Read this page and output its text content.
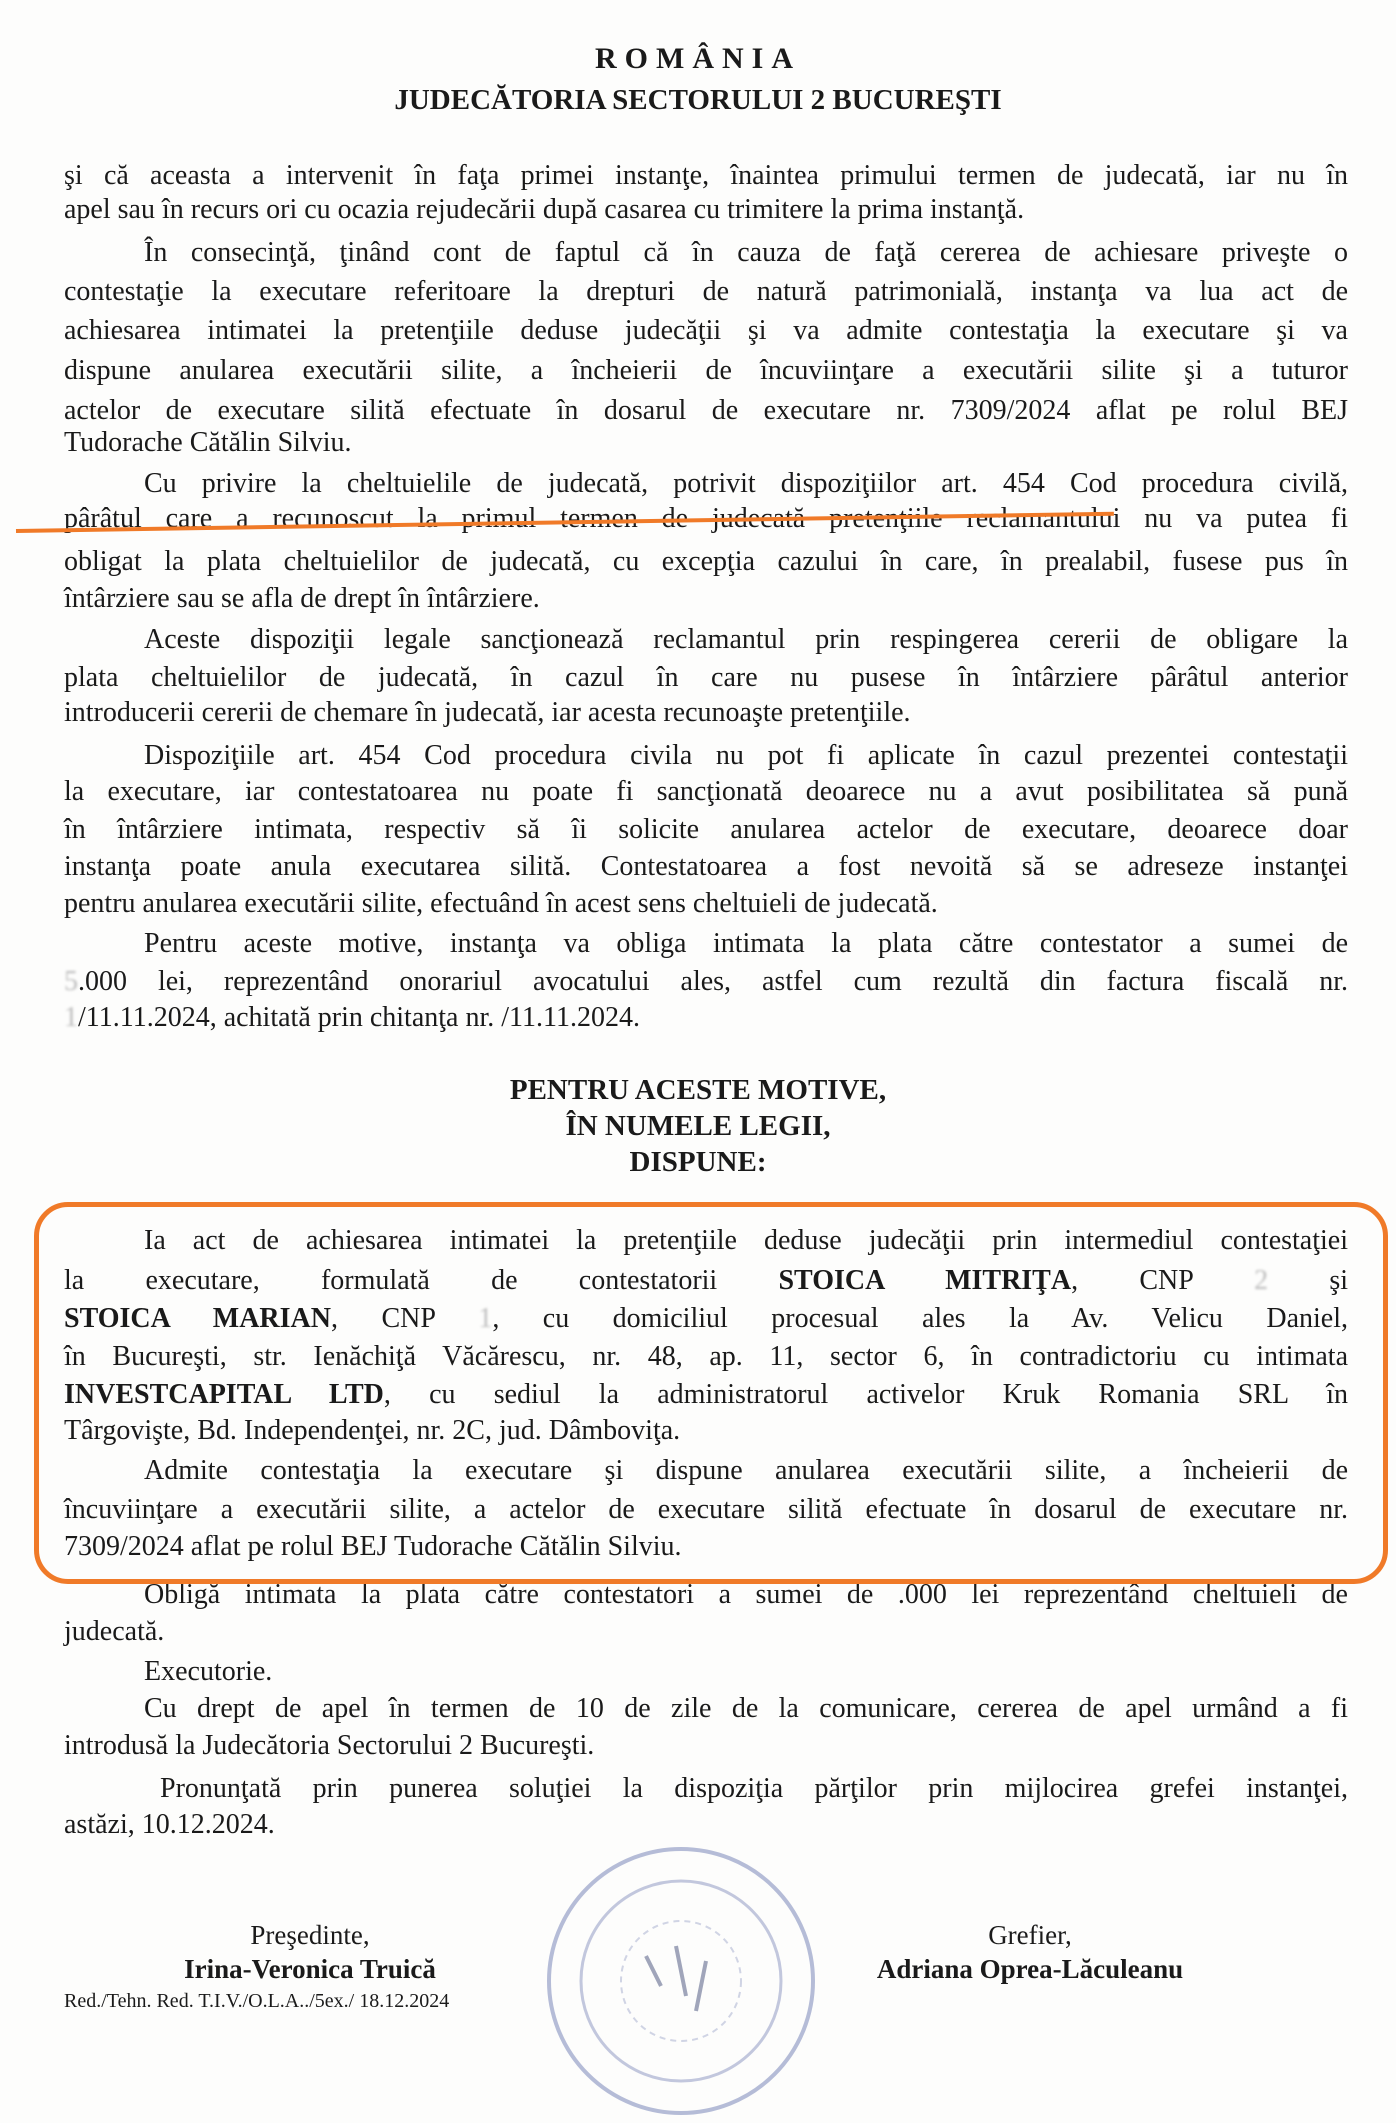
ROMÂNIA
JUDECĂTORIA SECTORULUI 2 BUCUREŞTI
şi că aceasta a intervenit în faţa primei instanţe, înaintea primului termen de judecată, iar nu în
apel sau în recurs ori cu ocazia rejudecării după casarea cu trimitere la prima instanţă.
În consecinţă, ţinând cont de faptul că în cauza de faţă cererea de achiesare priveşte o
contestaţie la executare referitoare la drepturi de natură patrimonială, instanţa va lua act de
achiesarea intimatei la pretenţiile deduse judecăţii şi va admite contestaţia la executare şi va
dispune anularea executării silite, a încheierii de încuviinţare a executării silite şi a tuturor
actelor de executare silită efectuate în dosarul de executare nr. 7309/2024 aflat pe rolul BEJ
Tudorache Cătălin Silviu.
Cu privire la cheltuielile de judecată, potrivit dispoziţiilor art. 454 Cod procedura civilă,
pârâtul care a recunoscut la primul termen de judecată pretenţiile reclamantului nu va putea fi
obligat la plata cheltuielilor de judecată, cu excepţia cazului în care, în prealabil, fusese pus în
întârziere sau se afla de drept în întârziere.
Aceste dispoziţii legale sancţionează reclamantul prin respingerea cererii de obligare la
plata cheltuielilor de judecată, în cazul în care nu pusese în întârziere pârâtul anterior
introducerii cererii de chemare în judecată, iar acesta recunoaşte pretenţiile.
Dispoziţiile art. 454 Cod procedura civila nu pot fi aplicate în cazul prezentei contestaţii
la executare, iar contestatoarea nu poate fi sancţionată deoarece nu a avut posibilitatea să pună
în întârziere intimata, respectiv să îi solicite anularea actelor de executare, deoarece doar
instanţa poate anula executarea silită. Contestatoarea a fost nevoită să se adreseze instanţei
pentru anularea executării silite, efectuând în acest sens cheltuieli de judecată.
Pentru aceste motive, instanţa va obliga intimata la plata către contestator a sumei de
5.000 lei, reprezentând onorariul avocatului ales, astfel cum rezultă din factura fiscală nr.
1/11.11.2024, achitată prin chitanţa nr. /11.11.2024.
PENTRU ACESTE MOTIVE,
ÎN NUMELE LEGII,
DISPUNE:
Ia act de achiesarea intimatei la pretenţiile deduse judecăţii prin intermediul contestaţiei
la executare, formulată de contestatorii STOICA MITRIŢA, CNP 2 şi
STOICA MARIAN, CNP 1, cu domiciliul procesual ales la Av. Velicu Daniel,
în Bucureşti, str. Ienăchiţă Văcărescu, nr. 48, ap. 11, sector 6, în contradictoriu cu intimata
INVESTCAPITAL LTD, cu sediul la administratorul activelor Kruk Romania SRL în
Târgovişte, Bd. Independenţei, nr. 2C, jud. Dâmboviţa.
Admite contestaţia la executare şi dispune anularea executării silite, a încheierii de
încuviinţare a executării silite, a actelor de executare silită efectuate în dosarul de executare nr.
7309/2024 aflat pe rolul BEJ Tudorache Cătălin Silviu.
Obligă intimata la plata către contestatori a sumei de .000 lei reprezentând cheltuieli de
judecată.
Executorie.
Cu drept de apel în termen de 10 de zile de la comunicare, cererea de apel urmând a fi
introdusă la Judecătoria Sectorului 2 Bucureşti.
Pronunţată prin punerea soluţiei la dispoziţia părţilor prin mijlocirea grefei instanţei,
astăzi, 10.12.2024.
Preşedinte,
Irina-Veronica Truică
Grefier,
Adriana Oprea-Lăculeanu
Red./Tehn. Red. T.I.V./O.L.A../5ex./ 18.12.2024
